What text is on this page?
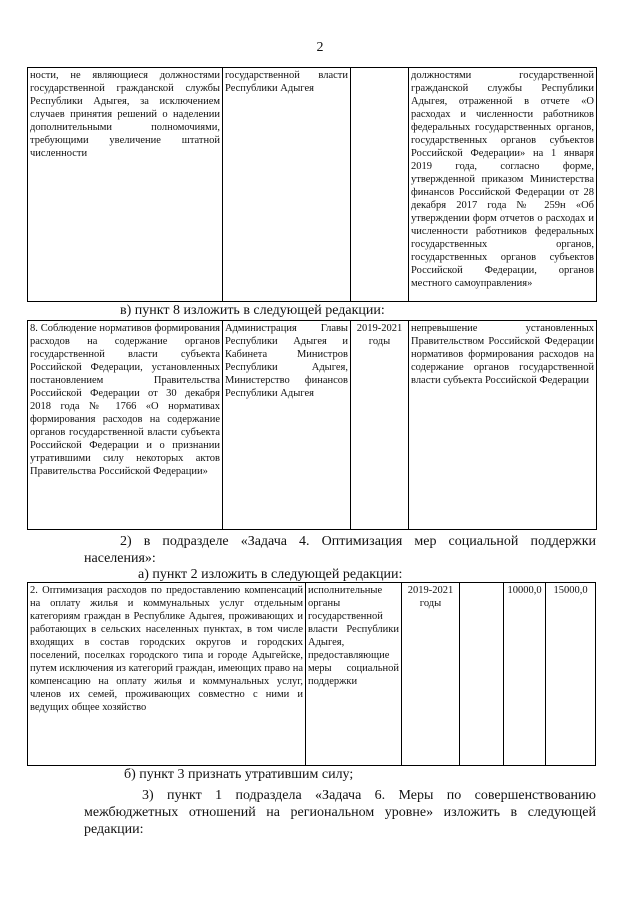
2
ности, не являющиеся должностями государственной гражданской службы Республики Адыгея, за исключением случаев принятия решений о наделении дополнительными полномочиями, требующими увеличение штатной численности	государственной власти Республики Адыгея		должностями государственной гражданской службы Республики Адыгея, отраженной в отчете «О расходах и численности работников федеральных государственных органов, государственных органов субъектов Российской Федерации» на 1 января 2019 года, согласно форме, утвержденной приказом Министерства финансов Российской Федерации от 28 декабря 2017 года № 259н «Об утверждении форм отчетов о расходах и численности работников федеральных государственных органов, государственных органов субъектов Российской Федерации, органов местного самоуправления»
в) пункт 8 изложить в следующей редакции:
8. Соблюдение нормативов формирования расходов на содержание органов государственной власти субъекта Российской Федерации, установленных постановлением Правительства Российской Федерации от 30 декабря 2018 года № 1766 «О нормативах формирования расходов на содержание органов государственной власти субъекта Российской Федерации и о признании утратившими силу некоторых актов Правительства Российской Федерации»	Администрация Главы Республики Адыгея и Кабинета Министров Республики Адыгея, Министерство финансов Республики Адыгея	2019-2021 годы	непревышение установленных Правительством Российской Федерации нормативов формирования расходов на содержание органов государственной власти субъекта Российской Федерации
2) в подразделе «Задача 4. Оптимизация мер социальной поддержки населения»:
а) пункт 2 изложить в следующей редакции:
2. Оптимизация расходов по предоставлению компенсаций на оплату жилья и коммунальных услуг отдельным категориям граждан в Республике Адыгея, проживающих и работающих в сельских населенных пунктах, в том числе входящих в состав городских округов и городских поселений, поселках городского типа и городе Адыгейске, путем исключения из категорий граждан, имеющих право на компенсацию на оплату жилья и коммунальных услуг, членов их семей, проживающих совместно с ними и ведущих общее хозяйство	исполнительные органы государственной власти Республики Адыгея, предоставляющие меры социальной поддержки	2019-2021 годы		10000,0	15000,0
б) пункт 3 признать утратившим силу;
3) пункт 1 подраздела «Задача 6. Меры по совершенствованию межбюджетных отношений на региональном уровне» изложить в следующей редакции:
